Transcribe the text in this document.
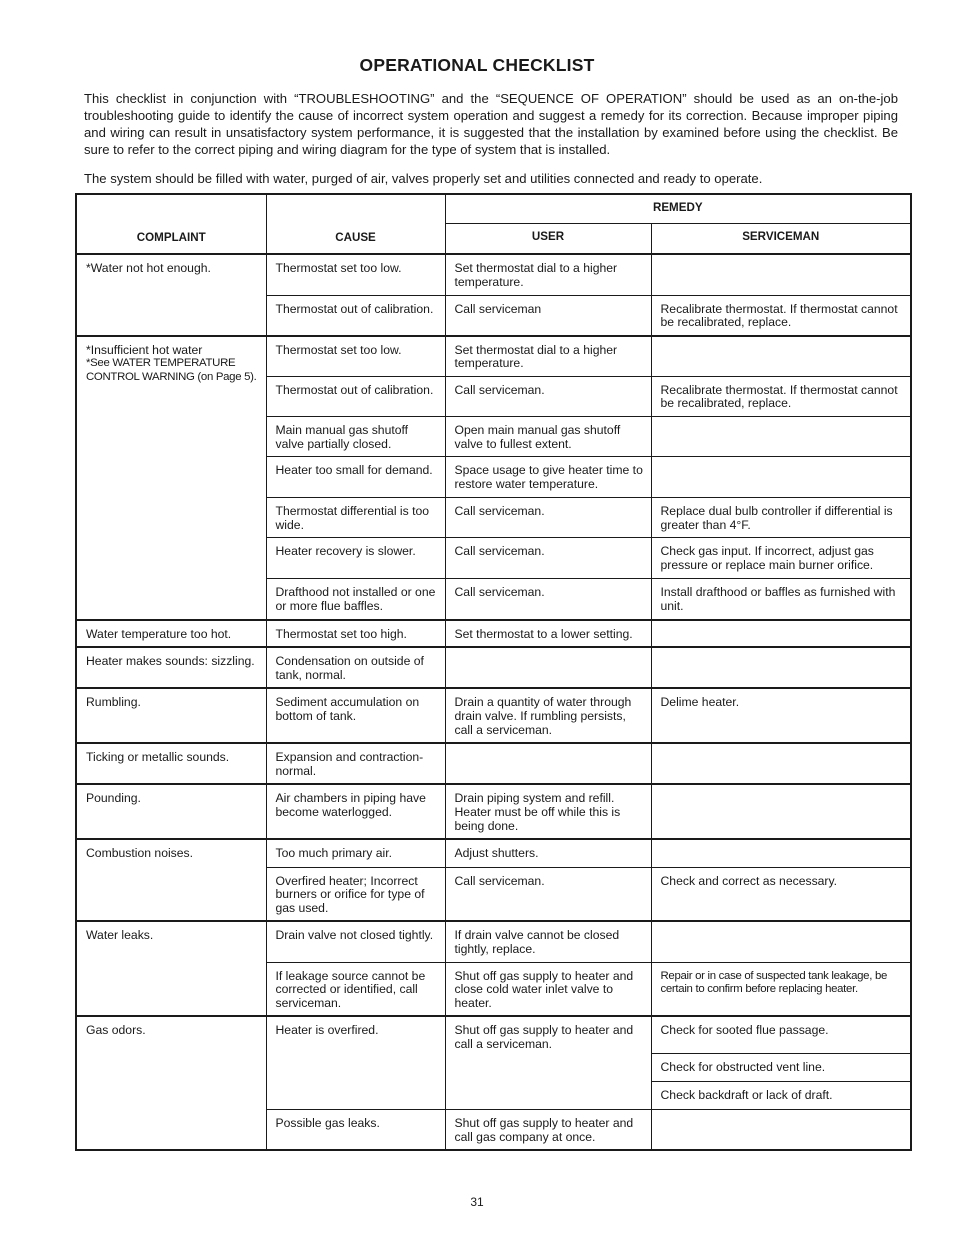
OPERATIONAL CHECKLIST

This checklist in conjunction with “TROUBLESHOOTING” and the “SEQUENCE OF OPERATION” should be used as an on-the-job troubleshooting guide to identify the cause of incorrect system operation and suggest a remedy for its correction. Because improper piping and wiring can result in unsatisfactory system performance, it is suggested that the installation by examined before using the checklist. Be sure to refer to the correct piping and wiring diagram for the type of system that is installed.

The system should be filled with water, purged of air, valves properly set and utilities connected and ready to operate.

COMPLAINT	CAUSE	REMEDY	
		USER	SERVICEMAN
*Water not hot enough.	Thermostat set too low.	Set thermostat dial to a higher temperature.	
	Thermostat out of calibration.	Call serviceman	Recalibrate thermostat. If thermostat cannot be recalibrated, replace.

*Insufficient hot water
*See WATER TEMPERATURE CONTROL WARNING (on Page 5).	Thermostat set too low.	Set thermostat dial to a higher temperature.	
	Thermostat out of calibration.	Call serviceman.	Recalibrate thermostat. If thermostat cannot be recalibrated, replace.
	Main manual gas shutoff valve partially closed.	Open main manual gas shutoff valve to fullest extent.	
	Heater too small for demand.	Space usage to give heater time to restore water temperature.	
	Thermostat differential is too wide.	Call serviceman.	Replace dual bulb controller if differential is greater than 4°F.
	Heater recovery is slower.	Call serviceman.	Check gas input. If incorrect, adjust gas pressure or replace main burner orifice.
	Drafthood not installed or one or more flue baffles.	Call serviceman.	Install drafthood or baffles as furnished with unit.
Water temperature too hot.	Thermostat set too high.	Set thermostat to a lower setting.	
Heater makes sounds: sizzling.	Condensation on outside of tank, normal.		
Rumbling.	Sediment accumulation on bottom of tank.	Drain a quantity of water through drain valve. If rumbling persists, call a serviceman.	Delime heater.
Ticking or metallic sounds.	Expansion and contraction-normal.		
Pounding.	Air chambers in piping have become waterlogged.	Drain piping system and refill. Heater must be off while this is being done.	
Combustion noises.	Too much primary air.	Adjust shutters.	
	Overfired heater; Incorrect burners or orifice for type of gas used.	Call serviceman.	Check and correct as necessary.
Water leaks.	Drain valve not closed tightly.	If drain valve cannot be closed tightly, replace.	
	If leakage source cannot be corrected or identified, call serviceman.	Shut off gas supply to heater and close cold water inlet valve to heater.	Repair or in case of suspected tank leakage, be certain to confirm before replacing heater.
Gas odors.	Heater is overfired.	Shut off gas supply to heater and call a serviceman.	Check for sooted flue passage.
			Check for obstructed vent line.
			Check backdraft or lack of draft.
	Possible gas leaks.	Shut off gas supply to heater and call gas company at once.	
31
